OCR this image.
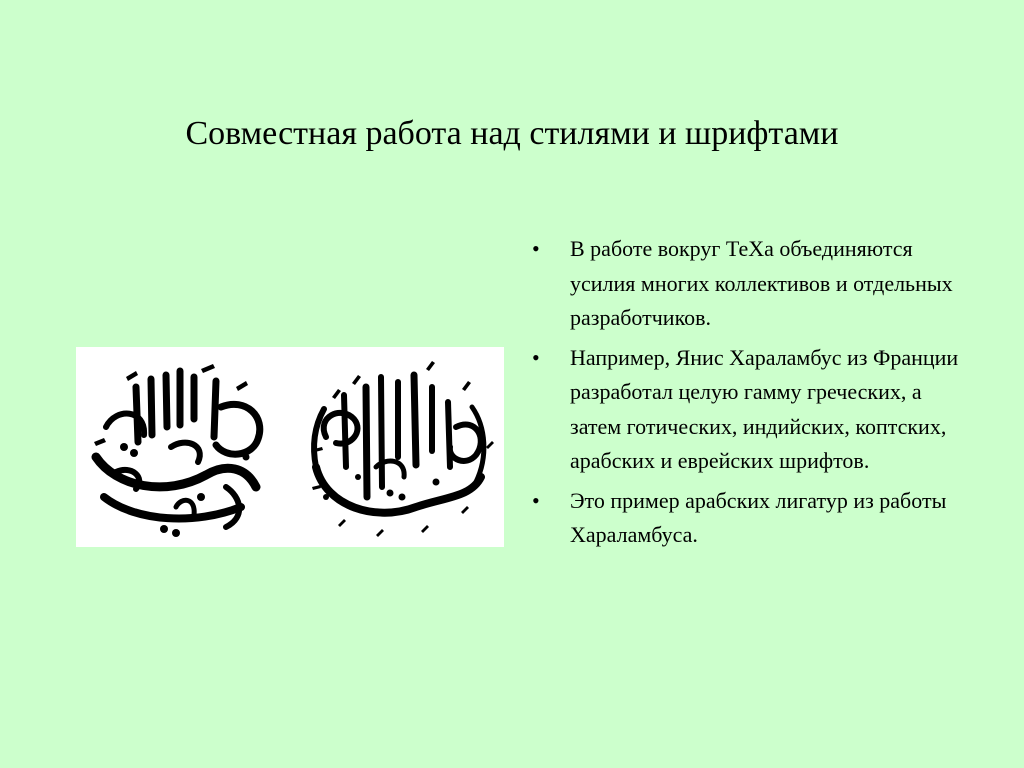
Совместная работа над стилями и шрифтами
• В работе вокруг ТеХа объединяются усилия многих коллективов и отдельных разработчиков.
• Например, Янис Хараламбус из Франции разработал целую гамму греческих, а затем готических, индийских, коптских, арабских и еврейских шрифтов.
• Это пример арабских лигатур из работы Хараламбуса.
